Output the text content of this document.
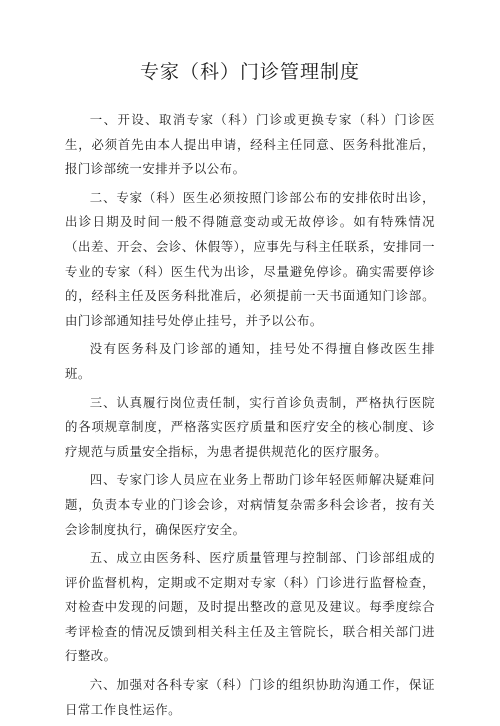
专家（科）门诊管理制度

一、开设、取消专家（科）门诊或更换专家（科）门诊医生，必须首先由本人提出申请，经科主任同意、医务科批准后，报门诊部统一安排并予以公布。

二、专家（科）医生必须按照门诊部公布的安排依时出诊，出诊日期及时间一般不得随意变动或无故停诊。如有特殊情况（出差、开会、会诊、休假等），应事先与科主任联系，安排同一专业的专家（科）医生代为出诊，尽量避免停诊。确实需要停诊的，经科主任及医务科批准后，必须提前一天书面通知门诊部。由门诊部通知挂号处停止挂号，并予以公布。

没有医务科及门诊部的通知，挂号处不得擅自修改医生排班。

三、认真履行岗位责任制，实行首诊负责制，严格执行医院的各项规章制度，严格落实医疗质量和医疗安全的核心制度、诊疗规范与质量安全指标，为患者提供规范化的医疗服务。

四、专家门诊人员应在业务上帮助门诊年轻医师解决疑难问题，负责本专业的门诊会诊，对病情复杂需多科会诊者，按有关会诊制度执行，确保医疗安全。

五、成立由医务科、医疗质量管理与控制部、门诊部组成的评价监督机构，定期或不定期对专家（科）门诊进行监督检查，对检查中发现的问题，及时提出整改的意见及建议。每季度综合考评检查的情况反馈到相关科主任及主管院长，联合相关部门进行整改。

六、加强对各科专家（科）门诊的组织协助沟通工作，保证日常工作良性运作。
